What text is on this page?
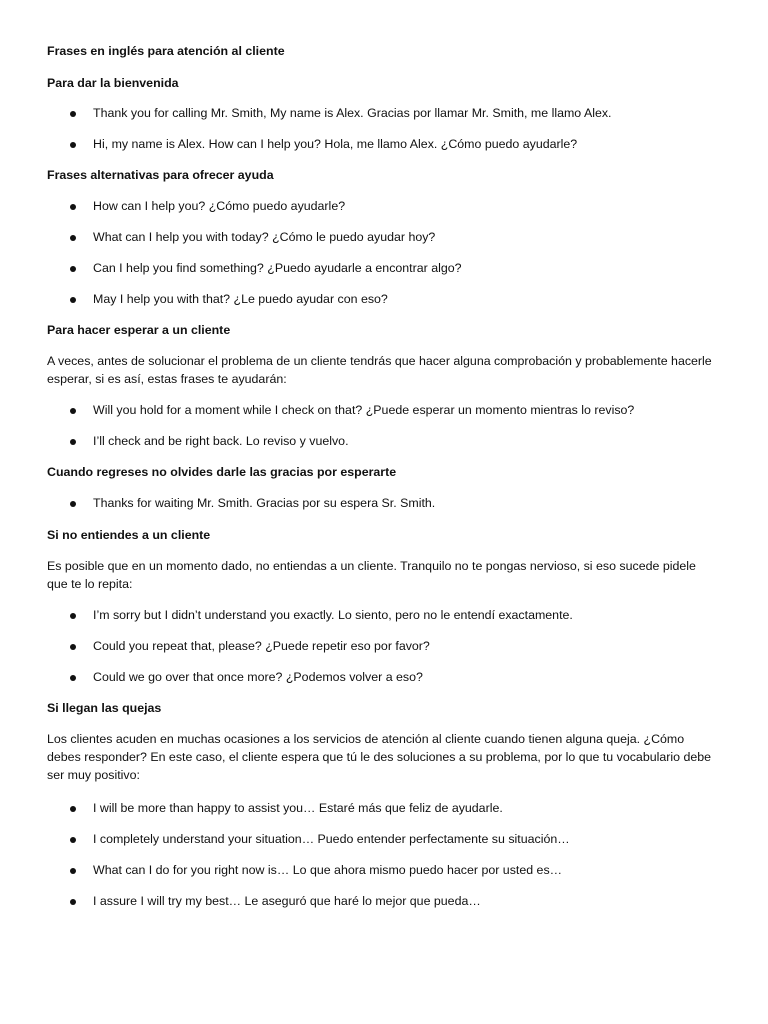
Frases en inglés para atención al cliente
Para dar la bienvenida
Thank you for calling Mr. Smith, My name is Alex. Gracias por llamar Mr. Smith, me llamo Alex.
Hi, my name is Alex. How can I help you? Hola, me llamo Alex. ¿Cómo puedo ayudarle?
Frases alternativas para ofrecer ayuda
How can I help you? ¿Cómo puedo ayudarle?
What can I help you with today? ¿Cómo le puedo ayudar hoy?
Can I help you find something? ¿Puedo ayudarle a encontrar algo?
May I help you with that? ¿Le puedo ayudar con eso?
Para hacer esperar a un cliente
A veces, antes de solucionar el problema de un cliente tendrás que hacer alguna comprobación y probablemente hacerle esperar, si es así, estas frases te ayudarán:
Will you hold for a moment while I check on that? ¿Puede esperar un momento mientras lo reviso?
I’ll check and be right back. Lo reviso y vuelvo.
Cuando regreses no olvides darle las gracias por esperarte
Thanks for waiting Mr. Smith. Gracias por su espera Sr. Smith.
Si no entiendes a un cliente
Es posible que en un momento dado, no entiendas a un cliente. Tranquilo no te pongas nervioso, si eso sucede pidele que te lo repita:
I’m sorry but I didn’t understand you exactly. Lo siento, pero no le entendí exactamente.
Could you repeat that, please? ¿Puede repetir eso por favor?
Could we go over that once more? ¿Podemos volver a eso?
Si llegan las quejas
Los clientes acuden en muchas ocasiones a los servicios de atención al cliente cuando tienen alguna queja. ¿Cómo debes responder? En este caso, el cliente espera que tú le des soluciones a su problema, por lo que tu vocabulario debe ser muy positivo:
I will be more than happy to assist you… Estaré más que feliz de ayudarle.
I completely understand your situation… Puedo entender perfectamente su situación…
What can I do for you right now is… Lo que ahora mismo puedo hacer por usted es…
I assure I will try my best… Le aseguró que haré lo mejor que pueda…
